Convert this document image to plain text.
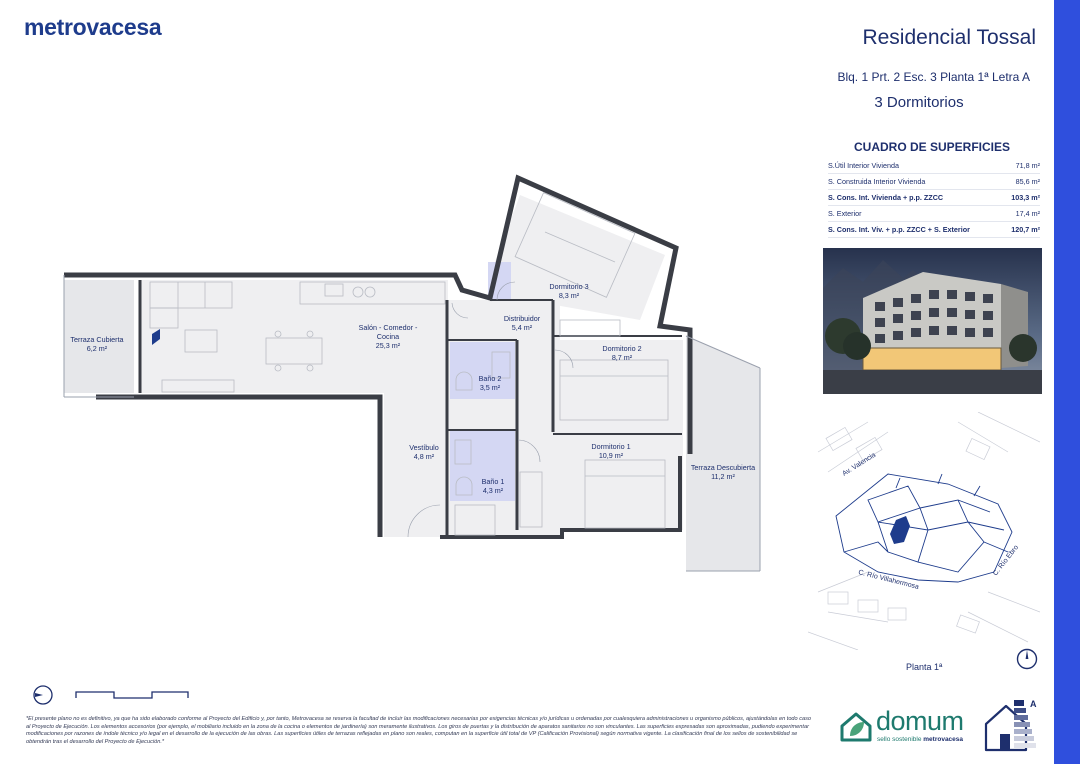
metrovacesa	Residencial Tossal
Blq. 1 Prt. 2 Esc. 3 Planta 1ª Letra A
3 Dormitorios
CUADRO DE SUPERFICIES
S.Útil Interior Vivienda	71,8 m²
S. Construida Interior Vivienda	85,6 m²
S. Cons. Int. Vivienda + p.p. ZZCC	103,3 m²
S. Exterior	17,4 m²
S. Cons. Int. Viv. + p.p. ZZCC + S. Exterior	120,7 m²
Av. Valencia
C. Río Villahermosa
C. Río Ebro
Planta 1ª
Terraza Cubierta
6,2 m²
Salón - Comedor -
Cocina
25,3 m²
Distribuidor
5,4 m²
Dormitorio 3
8,3 m²
Dormitorio 2
8,7 m²
Baño 2
3,5 m²
Vestíbulo
4,8 m²
Dormitorio 1
10,9 m²
Baño 1
4,3 m²
Terraza Descubierta
11,2 m²
*El presente plano no es definitivo, ya que ha sido elaborado conforme al Proyecto del Edificio y, por tanto, Metrovacesa se reserva la facultad de incluir las modificaciones necesarias por exigencias técnicas y/o jurídicas u ordenadas por cualesquiera administraciones u organismo públicos, ajustándolas en todo caso al Proyecto de Ejecución. Los elementos accesorios (por ejemplo, el mobiliario incluido en la zona de la cocina o elementos de jardinería) son meramente ilustrativos. Los giros de puertas y la distribución de aparatos sanitarios no son vinculantes. Las superficies expresadas son aproximadas, pudiendo experimentar modificaciones por razones de índole técnico y/o legal en el desarrollo de la ejecución de las obras. Las superficies útiles de terrazas reflejadas en plano son reales, computan en la superficie útil total de VP (Calificación Provisional) según normativa vigente. La clasificación final de los sellos de sostenibilidad se obtendrán tras el desarrollo del Proyecto de Ejecución.*
domum
sello sostenible metrovacesa
A
